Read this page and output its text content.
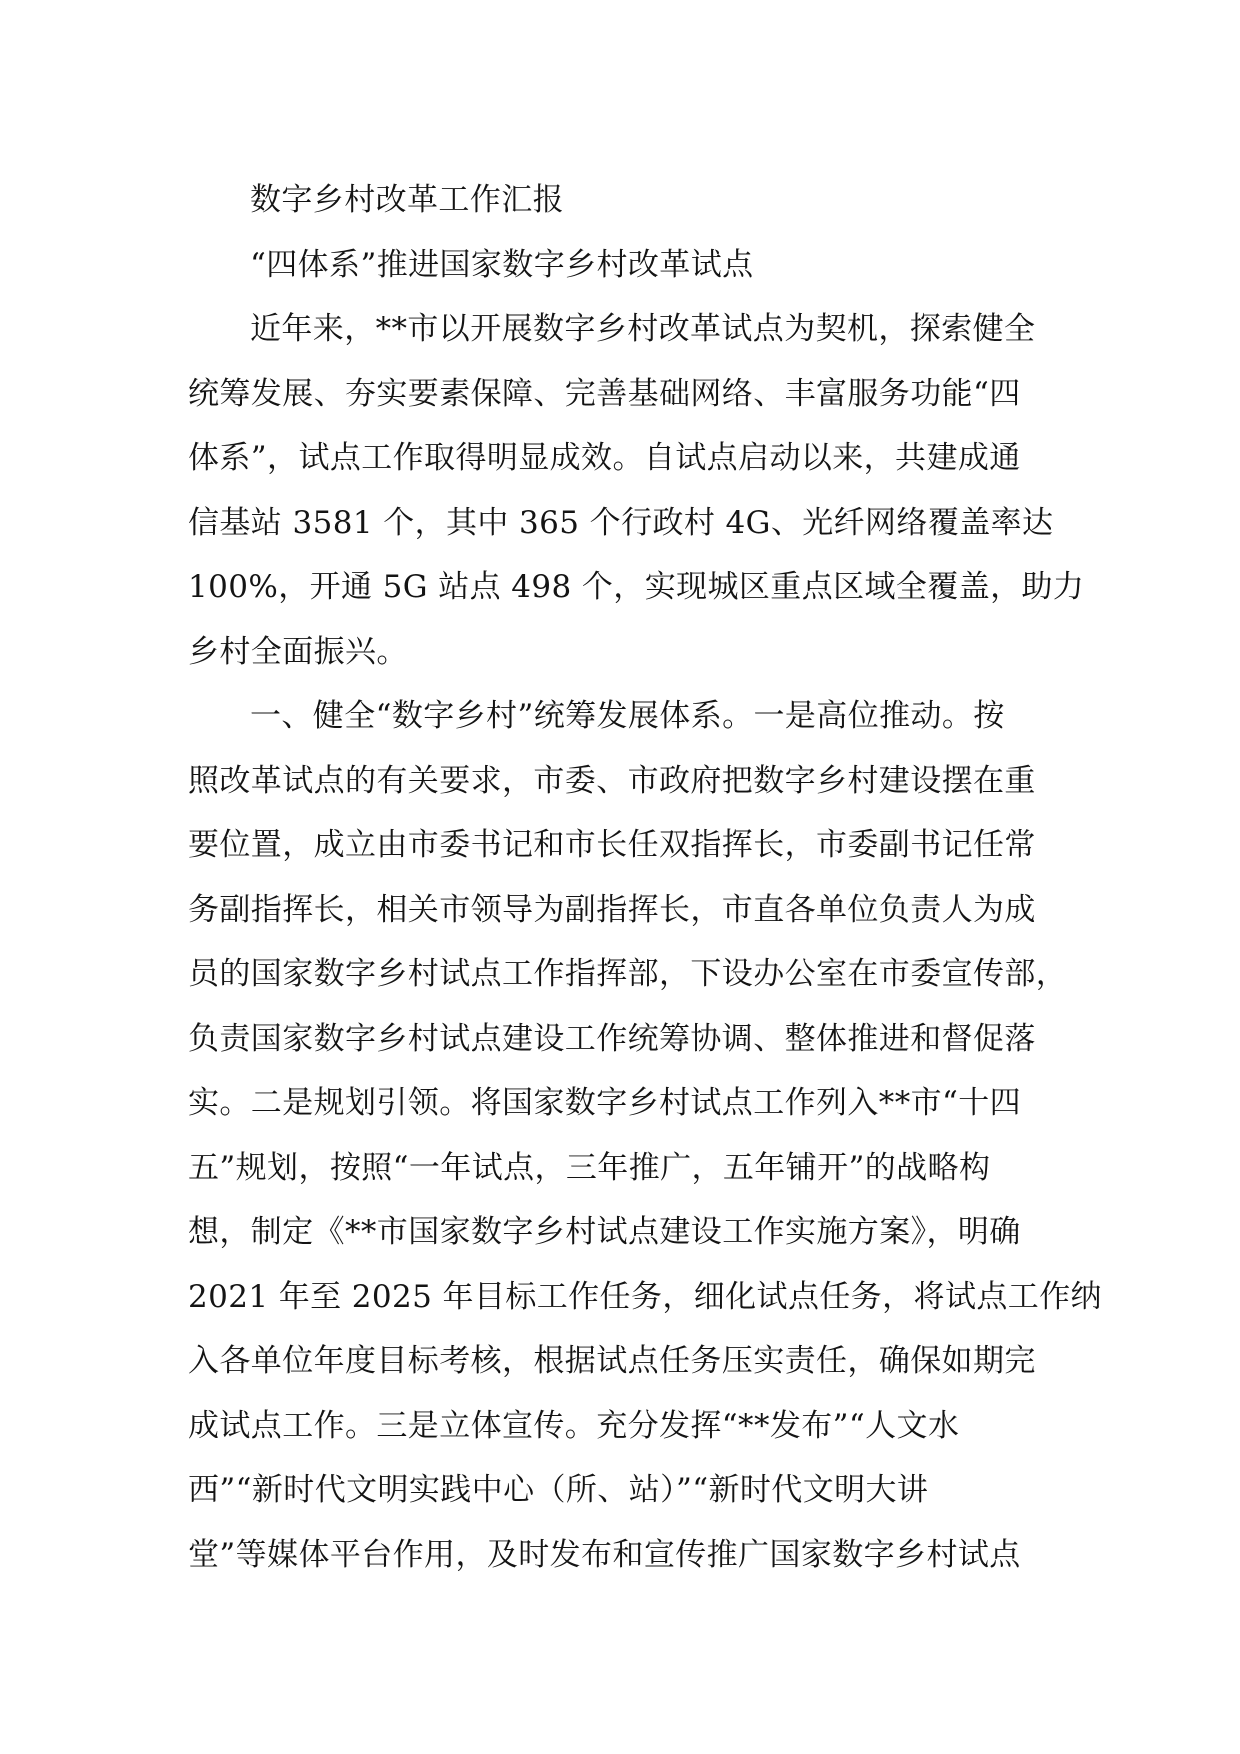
数字乡村改革工作汇报
“四体系”推进国家数字乡村改革试点
近年来，**市以开展数字乡村改革试点为契机，探索健全
统筹发展、夯实要素保障、完善基础网络、丰富服务功能“四
体系”，试点工作取得明显成效。自试点启动以来，共建成通
信基站 3581 个，其中 365 个行政村 4G、光纤网络覆盖率达
100%，开通 5G 站点 498 个，实现城区重点区域全覆盖，助力
乡村全面振兴。
一、健全“数字乡村”统筹发展体系。一是高位推动。按
照改革试点的有关要求，市委、市政府把数字乡村建设摆在重
要位置，成立由市委书记和市长任双指挥长，市委副书记任常
务副指挥长，相关市领导为副指挥长，市直各单位负责人为成
员的国家数字乡村试点工作指挥部，下设办公室在市委宣传部，
负责国家数字乡村试点建设工作统筹协调、整体推进和督促落
实。二是规划引领。将国家数字乡村试点工作列入**市“十四
五”规划，按照“一年试点，三年推广，五年铺开”的战略构
想，制定《**市国家数字乡村试点建设工作实施方案》，明确
2021 年至 2025 年目标工作任务，细化试点任务，将试点工作纳
入各单位年度目标考核，根据试点任务压实责任，确保如期完
成试点工作。三是立体宣传。充分发挥“**发布”“人文水
西”“新时代文明实践中心（所、站）”“新时代文明大讲
堂”等媒体平台作用，及时发布和宣传推广国家数字乡村试点
